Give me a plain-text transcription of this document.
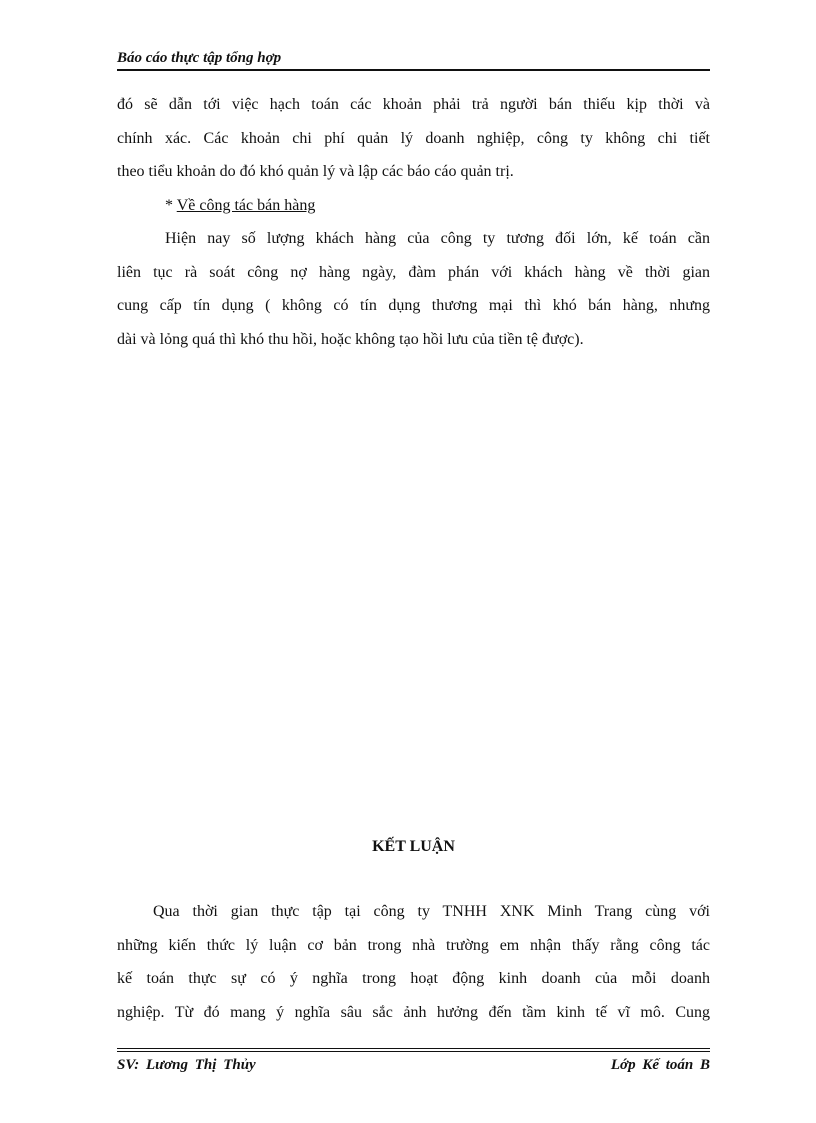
Báo cáo thực tập tổng hợp
đó sẽ dẫn tới việc hạch toán các khoản phải trả người bán thiếu kịp thời và
chính xác. Các khoản chi phí quản lý doanh nghiệp, công ty không chi tiết
theo tiểu khoản do đó khó quản lý và lập các báo cáo quản trị.
* Về công tác bán hàng
Hiện nay số lượng khách hàng của công ty tương đối lớn, kế toán cần
liên tục rà soát công nợ hàng ngày, đàm phán với khách hàng về thời gian
cung cấp tín dụng ( không có tín dụng thương mại thì khó bán hàng, nhưng
dài và lỏng quá thì khó thu hồi, hoặc không tạo hồi lưu của tiền tệ được).
KẾT LUẬN
Qua thời gian thực tập tại công ty TNHH XNK Minh Trang cùng với
những kiến thức lý luận cơ bản trong nhà trường em nhận thấy rằng công tác
kế toán thực sự có ý nghĩa trong hoạt động kinh doanh của mỗi doanh
nghiệp. Từ đó mang ý nghĩa sâu sắc ảnh hưởng đến tầm kinh tế vĩ mô. Cung
SV: Lương Thị Thủy	Lớp Kế toán B
